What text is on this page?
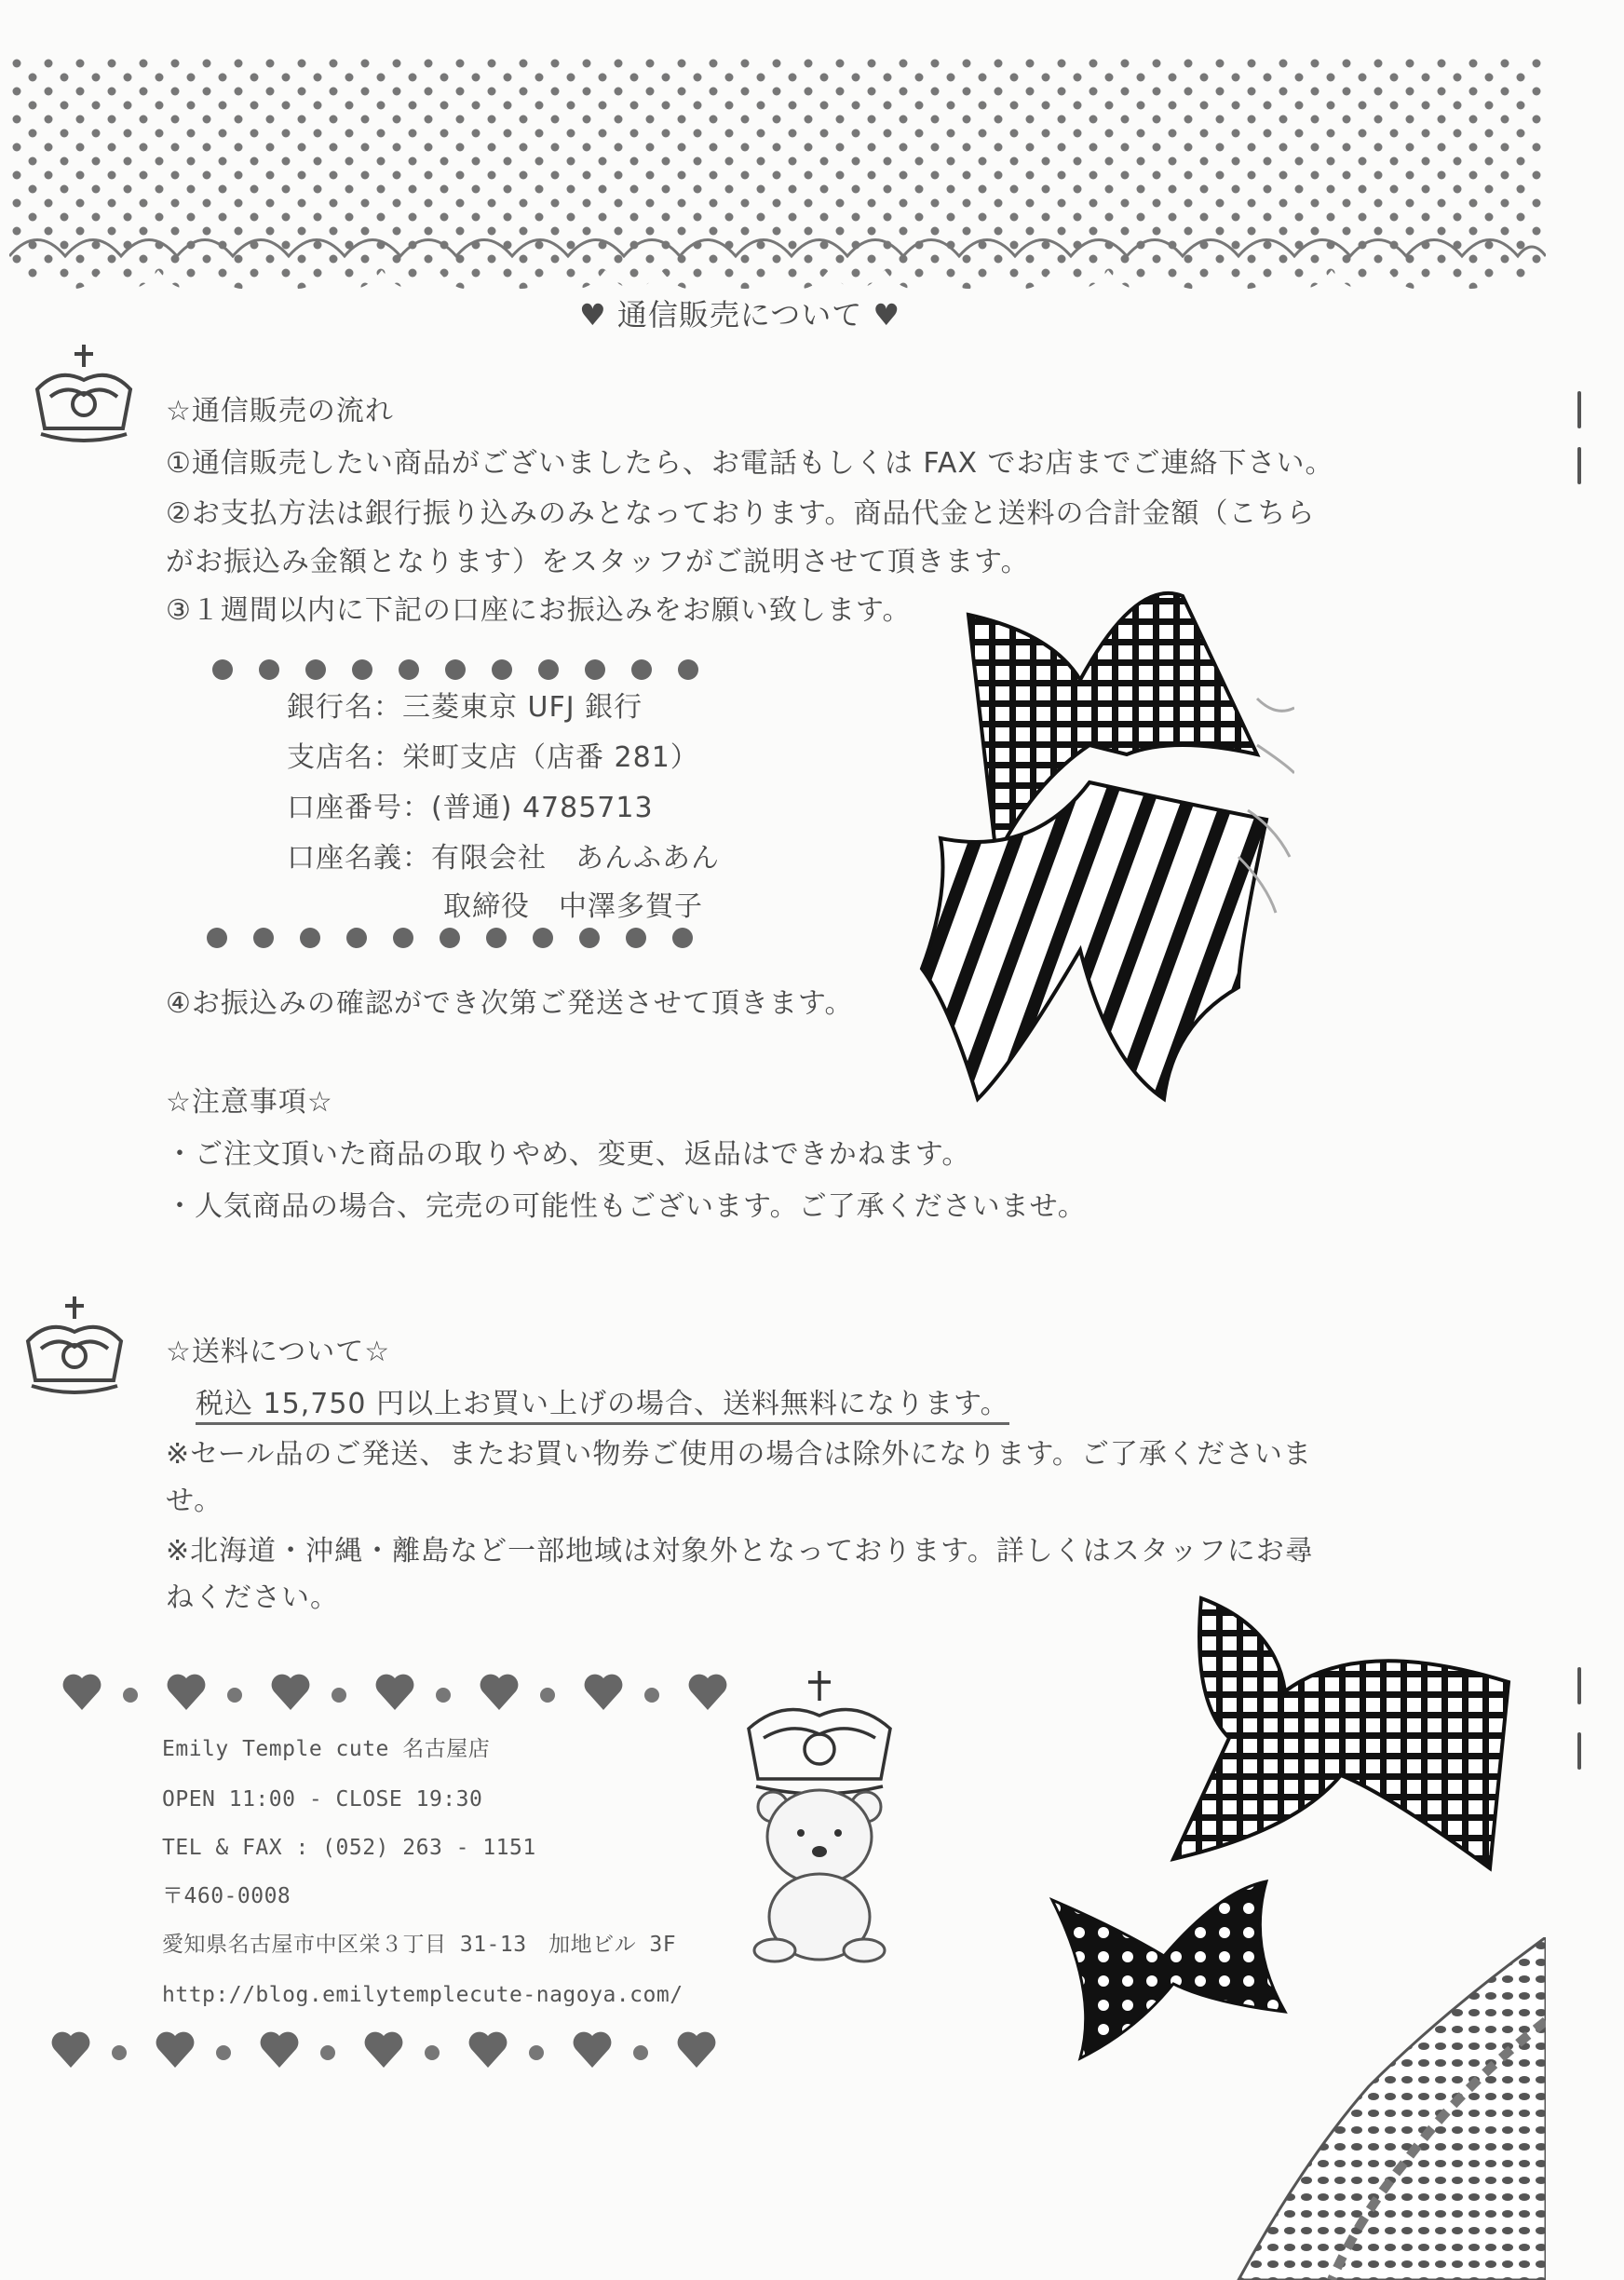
♥ 通信販売について ♥
☆通信販売の流れ
①通信販売したい商品がございましたら、お電話もしくは FAX でお店までご連絡下さい。
②お支払方法は銀行振り込みのみとなっております。商品代金と送料の合計金額（こちら
がお振込み金額となります）をスタッフがご説明させて頂きます。
③１週間以内に下記の口座にお振込みをお願い致します。
銀行名：三菱東京 UFJ 銀行
支店名：栄町支店（店番 281）
口座番号：(普通) 4785713
口座名義：有限会社　あんふあん
取締役　中澤多賀子
④お振込みの確認ができ次第ご発送させて頂きます。
☆注意事項☆
・ご注文頂いた商品の取りやめ、変更、返品はできかねます。
・人気商品の場合、完売の可能性もございます。ご了承くださいませ。
☆送料について☆
税込 15,750 円以上お買い上げの場合、送料無料になります。
※セール品のご発送、またお買い物券ご使用の場合は除外になります。ご了承くださいま
せ。
※北海道・沖縄・離島など一部地域は対象外となっております。詳しくはスタッフにお尋
ねください。
Emily Temple cute 名古屋店
OPEN 11:00 - CLOSE 19:30
TEL & FAX : (052) 263 - 1151
〒460-0008
愛知県名古屋市中区栄３丁目 31-13　加地ビル 3F
http://blog.emilytemplecute-nagoya.com/
